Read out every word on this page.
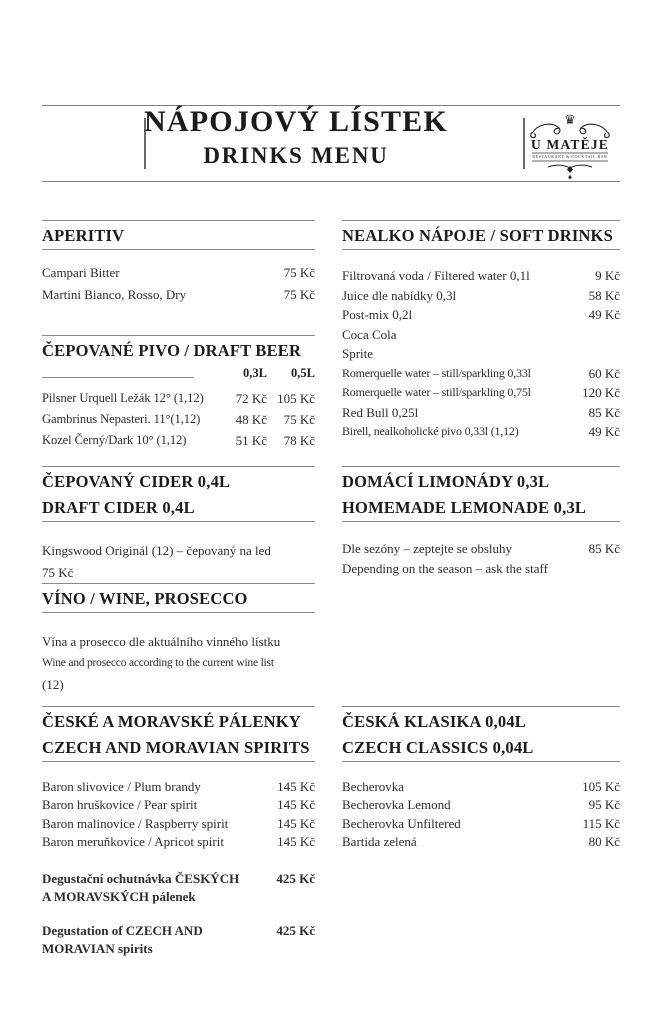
NÁPOJOVÝ LÍSTEK
DRINKS MENU
♛
U MATĚJE
RESTAURANT & COCKTAIL BAR
APERITIV
Campari Bitter	75 Kč
Martini Bianco, Rosso, Dry	75 Kč
ČEPOVANÉ PIVO / DRAFT BEER
0,3L	0,5L
Pilsner Urquell Ležák 12° (1,12)	72 Kč 105 Kč
Gambrinus Nepasteri. 11°(1,12)	48 Kč	75 Kč
Kozel Černý/Dark 10° (1,12)	51 Kč	78 Kč
ČEPOVANÝ CIDER 0,4L
DRAFT CIDER 0,4L
Kingswood Originál (12) – čepovaný na led
75 Kč
VÍNO / WINE, PROSECCO
Vína a prosecco dle aktuálního vinného lístku
Wine and prosecco according to the current wine list
(12)
ČESKÉ A MORAVSKÉ PÁLENKY
CZECH AND MORAVIAN SPIRITS
Baron slivovice / Plum brandy	145 Kč
Baron hruškovice / Pear spirit	145 Kč
Baron malinovice / Raspberry spirit	145 Kč
Baron meruňkovice / Apricot spirit	145 Kč
Degustační ochutnávka ČESKÝCH	425 Kč
A MORAVSKÝCH pálenek
Degustation of CZECH AND	425 Kč
MORAVIAN spirits
NEALKO NÁPOJE / SOFT DRINKS
Filtrovaná voda / Filtered water 0,1l	9 Kč
Juice dle nabídky 0,3l	58 Kč
Post-mix 0,2l	49 Kč
Coca Cola
Sprite
Romerquelle water – still/sparkling 0,33l	60 Kč
Romerquelle water – still/sparkling 0,75l	120 Kč
Red Bull 0,25l	85 Kč
Birell, nealkoholické pivo 0,33l (1,12)	49 Kč
DOMÁCÍ LIMONÁDY 0,3L
HOMEMADE LEMONADE 0,3L
Dle sezóny – zeptejte se obsluhy	85 Kč
Depending on the season – ask the staff
ČESKÁ KLASIKA 0,04L
CZECH CLASSICS 0,04L
Becherovka	105 Kč
Becherovka Lemond	95 Kč
Becherovka Unfiltered	115 Kč
Bartida zelená	80 Kč
